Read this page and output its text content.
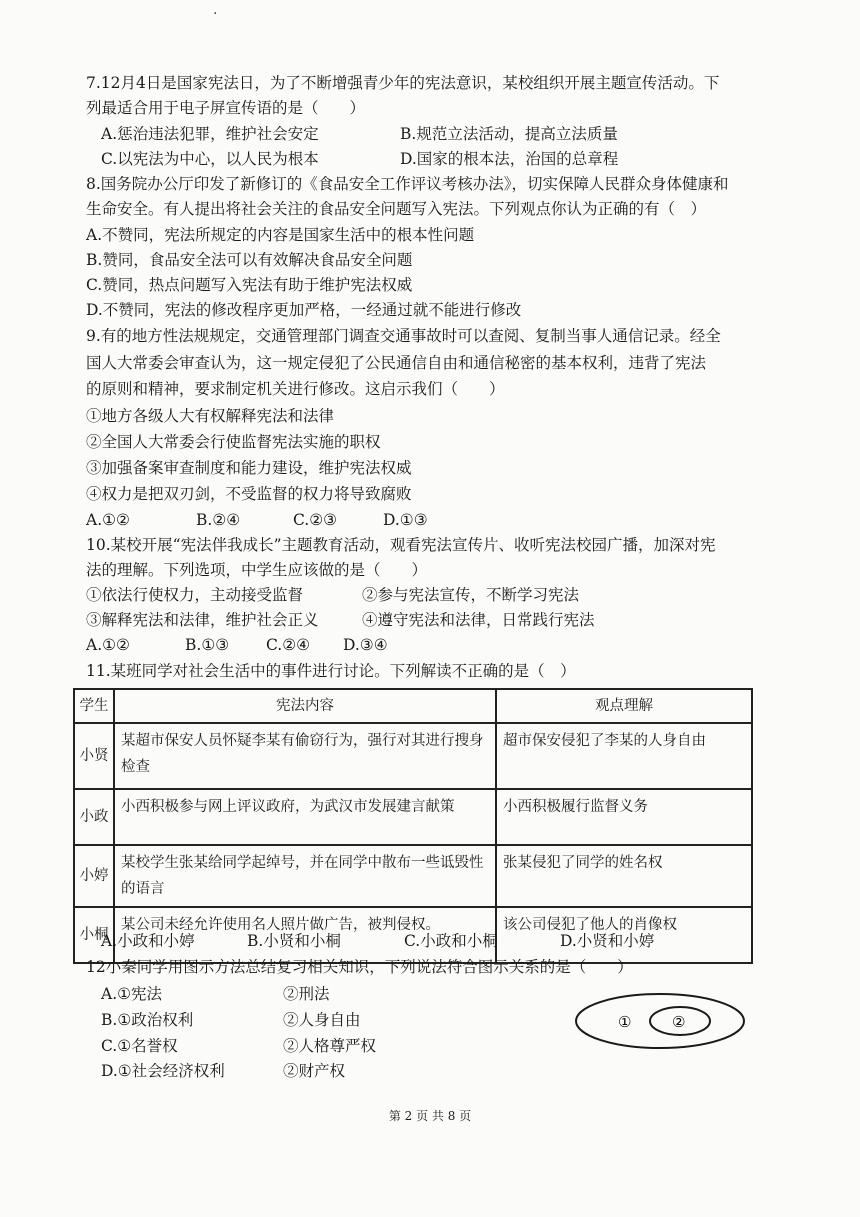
·
7.12月4日是国家宪法日，为了不断增强青少年的宪法意识，某校组织开展主题宣传活动。下
列最适合用于电子屏宣传语的是（　　）
A.惩治违法犯罪，维护社会安定	B.规范立法活动，提高立法质量
C.以宪法为中心，以人民为根本	D.国家的根本法，治国的总章程
8.国务院办公厅印发了新修订的《食品安全工作评议考核办法》，切实保障人民群众身体健康和
生命安全。有人提出将社会关注的食品安全问题写入宪法。下列观点你认为正确的有（　）
A.不赞同，宪法所规定的内容是国家生活中的根本性问题
B.赞同，食品安全法可以有效解决食品安全问题
C.赞同，热点问题写入宪法有助于维护宪法权威
D.不赞同，宪法的修改程序更加严格，一经通过就不能进行修改
9.有的地方性法规规定，交通管理部门调查交通事故时可以查阅、复制当事人通信记录。经全
国人大常委会审查认为，这一规定侵犯了公民通信自由和通信秘密的基本权利，违背了宪法
的原则和精神，要求制定机关进行修改。这启示我们（　　）
①地方各级人大有权解释宪法和法律
②全国人大常委会行使监督宪法实施的职权
③加强备案审查制度和能力建设，维护宪法权威
④权力是把双刃剑，不受监督的权力将导致腐败
A.①②	B.②④	C.②③	D.①③
10.某校开展“宪法伴我成长”主题教育活动，观看宪法宣传片、收听宪法校园广播，加深对宪
法的理解。下列选项，中学生应该做的是（　　）
①依法行使权力，主动接受监督	②参与宪法宣传，不断学习宪法
③解释宪法和法律，维护社会正义	④遵守宪法和法律，日常践行宪法
A.①②	B.①③ C.②④ D.③④
11.某班同学对社会生活中的事件进行讨论。下列解读不正确的是（　）
学生	宪法内容	观点理解
小贤	某超市保安人员怀疑李某有偷窃行为，强行对其进行搜身检查	超市保安侵犯了李某的人身自由
小政	小西积极参与网上评议政府，为武汉市发展建言献策	小西积极履行监督义务
小婷	某校学生张某给同学起绰号，并在同学中散布一些诋毁性的语言	张某侵犯了同学的姓名权
小桐	某公司未经允许使用名人照片做广告，被判侵权。	该公司侵犯了他人的肖像权
A.小政和小婷	B.小贤和小桐	C.小政和小桐	D.小贤和小婷
12小秦同学用图示方法总结复习相关知识，下列说法符合图示关系的是（　　）
A.①宪法	②刑法
B.①政治权利	②人身自由
C.①名誉权	②人格尊严权
D.①社会经济权利	②财产权
①	②
第 2 页 共 8 页
